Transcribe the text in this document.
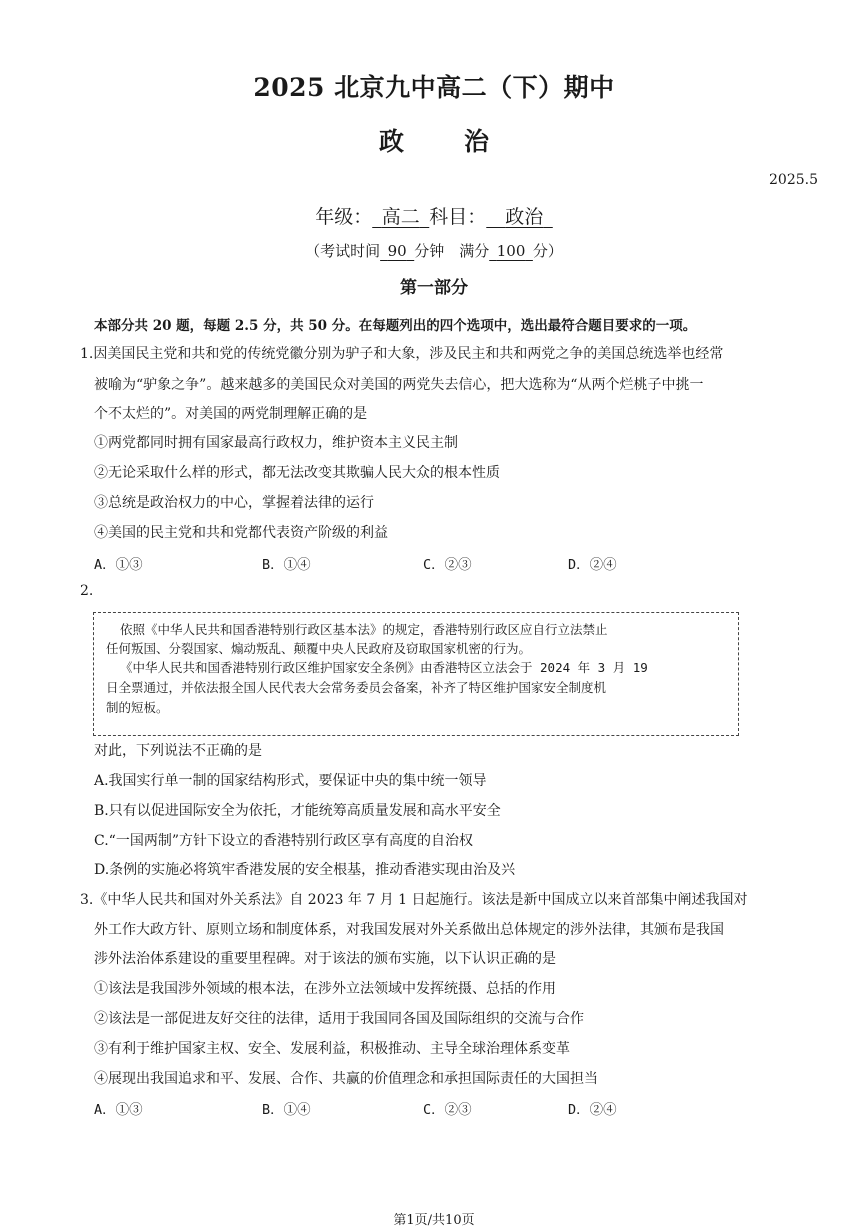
2025 北京九中高二（下）期中
政 治
2025.5
年级：  高二  科目：   政治 
（考试时间  90  分钟　满分  100  分）
第一部分
本部分共 20 题，每题 2.5 分，共 50 分。在每题列出的四个选项中，选出最符合题目要求的一项。
1.因美国民主党和共和党的传统党徽分别为驴子和大象，涉及民主和共和两党之争的美国总统选举也经常
被喻为“驴象之争”。越来越多的美国民众对美国的两党失去信心，把大选称为“从两个烂桃子中挑一
个不太烂的”。对美国的两党制理解正确的是
①两党都同时拥有国家最高行政权力，维护资本主义民主制
②无论采取什么样的形式，都无法改变其欺骗人民大众的根本性质
③总统是政治权力的中心，掌握着法律的运行
④美国的民主党和共和党都代表资产阶级的利益
A．①③	B．①④	C．②③	D．②④
2.
依照《中华人民共和国香港特别行政区基本法》的规定，香港特别行政区应自行立法禁止
任何叛国、分裂国家、煽动叛乱、颠覆中央人民政府及窃取国家机密的行为。
《中华人民共和国香港特别行政区维护国家安全条例》由香港特区立法会于 2024 年 3 月 19
日全票通过，并依法报全国人民代表大会常务委员会备案，补齐了特区维护国家安全制度机
制的短板。
对此，下列说法不正确的是
A.我国实行单一制的国家结构形式，要保证中央的集中统一领导
B.只有以促进国际安全为依托，才能统筹高质量发展和高水平安全
C.“一国两制”方针下设立的香港特别行政区享有高度的自治权
D.条例的实施必将筑牢香港发展的安全根基，推动香港实现由治及兴
3.《中华人民共和国对外关系法》自 2023 年 7 月 1 日起施行。该法是新中国成立以来首部集中阐述我国对
外工作大政方针、原则立场和制度体系，对我国发展对外关系做出总体规定的涉外法律，其颁布是我国
涉外法治体系建设的重要里程碑。对于该法的颁布实施，以下认识正确的是
①该法是我国涉外领域的根本法，在涉外立法领域中发挥统摄、总括的作用
②该法是一部促进友好交往的法律，适用于我国同各国及国际组织的交流与合作
③有利于维护国家主权、安全、发展利益，积极推动、主导全球治理体系变革
④展现出我国追求和平、发展、合作、共赢的价值理念和承担国际责任的大国担当
A．①③	B．①④	C．②③	D．②④
第1页/共10页
